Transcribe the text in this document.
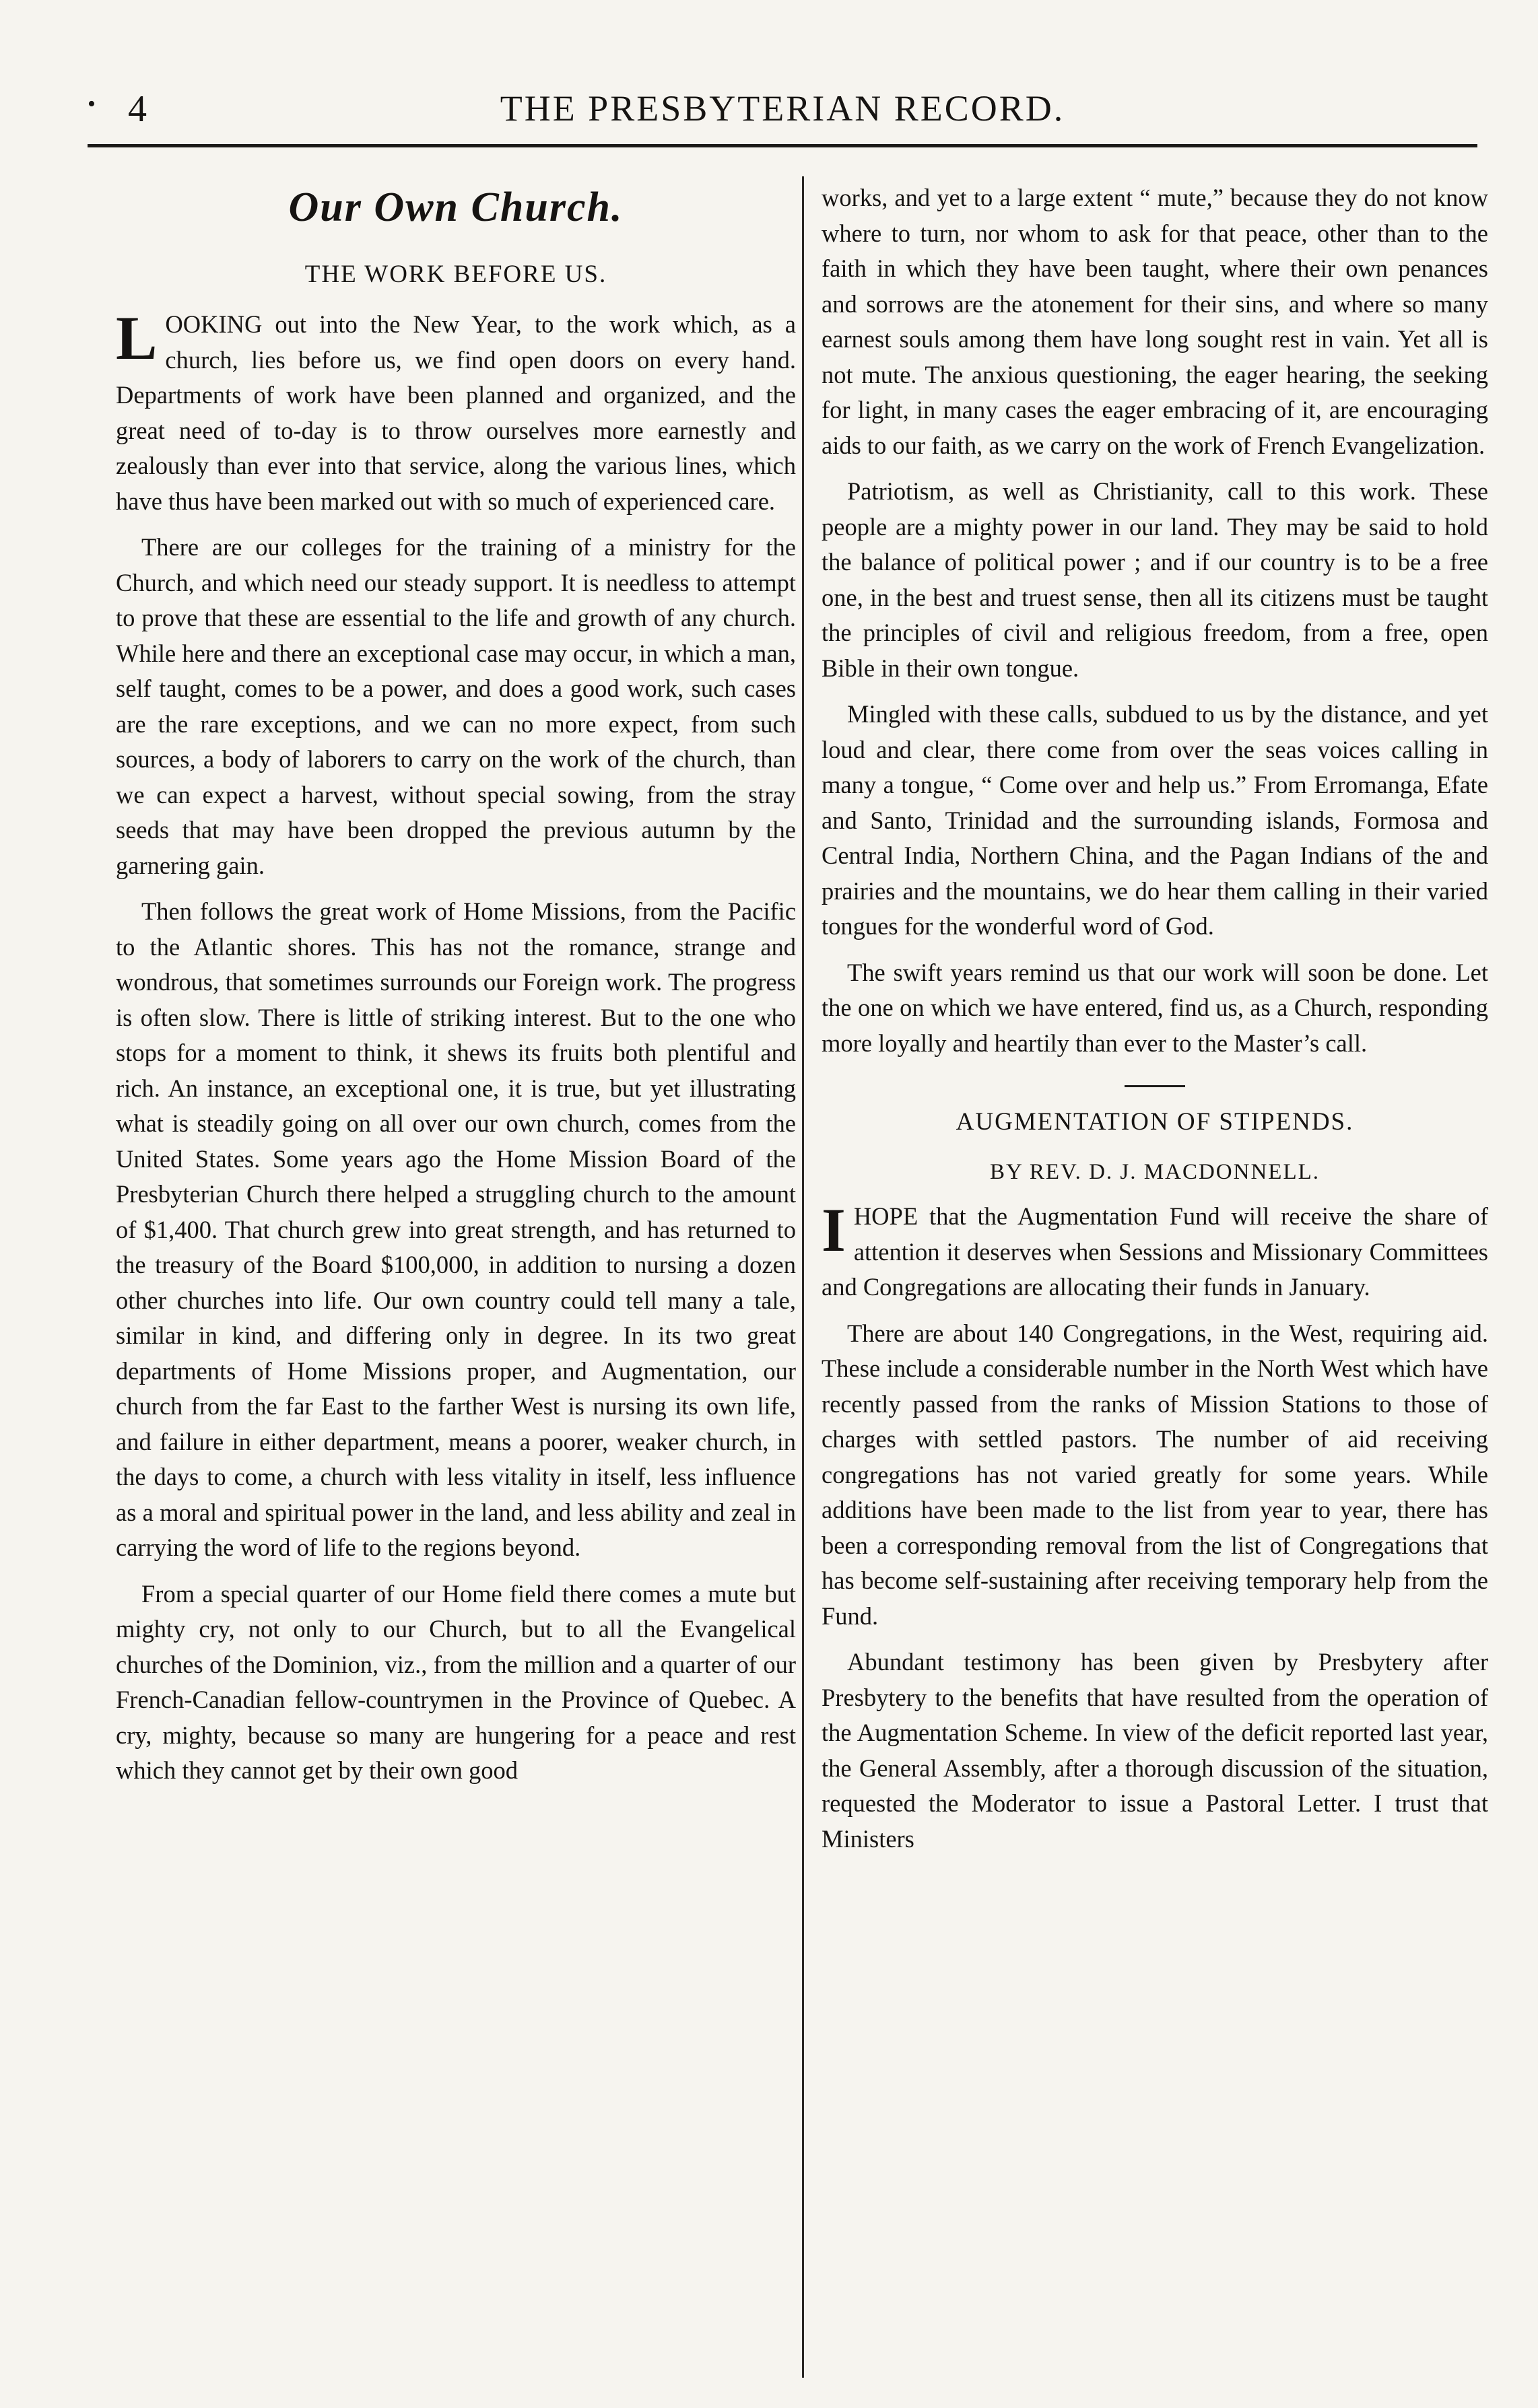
• 4	THE PRESBYTERIAN RECORD.
Our Own Church.
THE WORK BEFORE US.

LOOKING out into the New Year, to the work which, as a church, lies before us, we find open doors on every hand. Departments of work have been planned and organized, and the great need of to-day is to throw ourselves more earnestly and zealously than ever into that service, along the various lines, which have thus have been marked out with so much of experienced care.

There are our colleges for the training of a ministry for the Church, and which need our steady support. It is needless to attempt to prove that these are essential to the life and growth of any church. While here and there an exceptional case may occur, in which a man, self taught, comes to be a power, and does a good work, such cases are the rare exceptions, and we can no more expect, from such sources, a body of laborers to carry on the work of the church, than we can expect a harvest, without special sowing, from the stray seeds that may have been dropped the previous autumn by the garnering gain.

Then follows the great work of Home Missions, from the Pacific to the Atlantic shores. This has not the romance, strange and wondrous, that sometimes surrounds our Foreign work. The progress is often slow. There is little of striking interest. But to the one who stops for a moment to think, it shews its fruits both plentiful and rich. An instance, an exceptional one, it is true, but yet illustrating what is steadily going on all over our own church, comes from the United States. Some years ago the Home Mission Board of the Presbyterian Church there helped a struggling church to the amount of $1,400. That church grew into great strength, and has returned to the treasury of the Board $100,000, in addition to nursing a dozen other churches into life. Our own country could tell many a tale, similar in kind, and differing only in degree. In its two great departments of Home Missions proper, and Augmentation, our church from the far East to the farther West is nursing its own life, and failure in either department, means a poorer, weaker church, in the days to come, a church with less vitality in itself, less influence as a moral and spiritual power in the land, and less ability and zeal in carrying the word of life to the regions beyond.

From a special quarter of our Home field there comes a mute but mighty cry, not only to our Church, but to all the Evangelical churches of the Dominion, viz., from the million and a quarter of our French-Canadian fellow-countrymen in the Province of Quebec. A cry, mighty, because so many are hungering for a peace and rest which they cannot get by their own good

works, and yet to a large extent “ mute,” because they do not know where to turn, nor whom to ask for that peace, other than to the faith in which they have been taught, where their own penances and sorrows are the atonement for their sins, and where so many earnest souls among them have long sought rest in vain. Yet all is not mute. The anxious questioning, the eager hearing, the seeking for light, in many cases the eager embracing of it, are encouraging aids to our faith, as we carry on the work of French Evangelization.

Patriotism, as well as Christianity, call to this work. These people are a mighty power in our land. They may be said to hold the balance of political power ; and if our country is to be a free one, in the best and truest sense, then all its citizens must be taught the principles of civil and religious freedom, from a free, open Bible in their own tongue.

Mingled with these calls, subdued to us by the distance, and yet loud and clear, there come from over the seas voices calling in many a tongue, “ Come over and help us.” From Erromanga, Efate and Santo, Trinidad and the surrounding islands, Formosa and Central India, Northern China, and the Pagan Indians of the and prairies and the mountains, we do hear them calling in their varied tongues for the wonderful word of God.

The swift years remind us that our work will soon be done. Let the one on which we have entered, find us, as a Church, responding more loyally and heartily than ever to the Master’s call.

AUGMENTATION OF STIPENDS.
BY REV. D. J. MACDONNELL.

IHOPE that the Augmentation Fund will receive the share of attention it deserves when Sessions and Missionary Committees and Congregations are allocating their funds in January.

There are about 140 Congregations, in the West, requiring aid. These include a considerable number in the North West which have recently passed from the ranks of Mission Stations to those of charges with settled pastors. The number of aid receiving congregations has not varied greatly for some years. While additions have been made to the list from year to year, there has been a corresponding removal from the list of Congregations that has become self-sustaining after receiving temporary help from the Fund.

Abundant testimony has been given by Presbytery after Presbytery to the benefits that have resulted from the operation of the Augmentation Scheme. In view of the deficit reported last year, the General Assembly, after a thorough discussion of the situation, requested the Moderator to issue a Pastoral Letter. I trust that Ministers
